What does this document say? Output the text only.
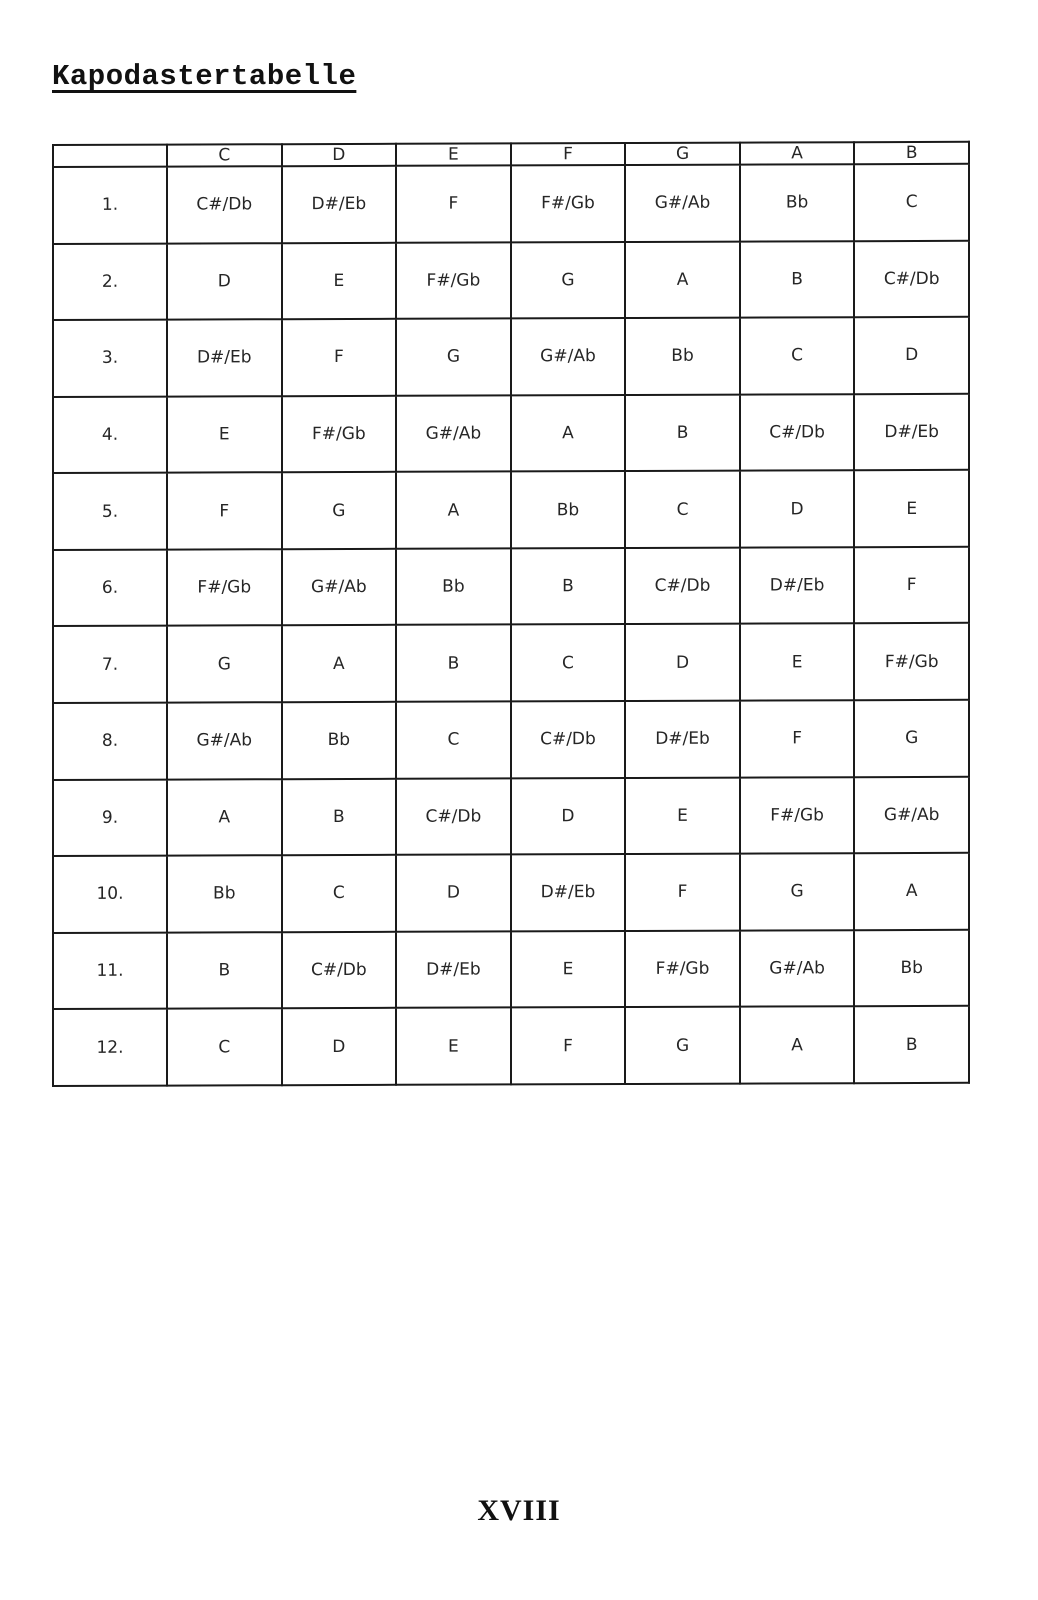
Kapodastertabelle
	C	D	E	F	G	A	B
1.	C#/Db	D#/Eb	F	F#/Gb	G#/Ab	Bb	C
2.	D	E	F#/Gb	G	A	B	C#/Db
3.	D#/Eb	F	G	G#/Ab	Bb	C	D
4.	E	F#/Gb	G#/Ab	A	B	C#/Db	D#/Eb
5.	F	G	A	Bb	C	D	E
6.	F#/Gb	G#/Ab	Bb	B	C#/Db	D#/Eb	F
7.	G	A	B	C	D	E	F#/Gb
8.	G#/Ab	Bb	C	C#/Db	D#/Eb	F	G
9.	A	B	C#/Db	D	E	F#/Gb	G#/Ab
10.	Bb	C	D	D#/Eb	F	G	A
11.	B	C#/Db	D#/Eb	E	F#/Gb	G#/Ab	Bb
12.	C	D	E	F	G	A	B
XVIII
